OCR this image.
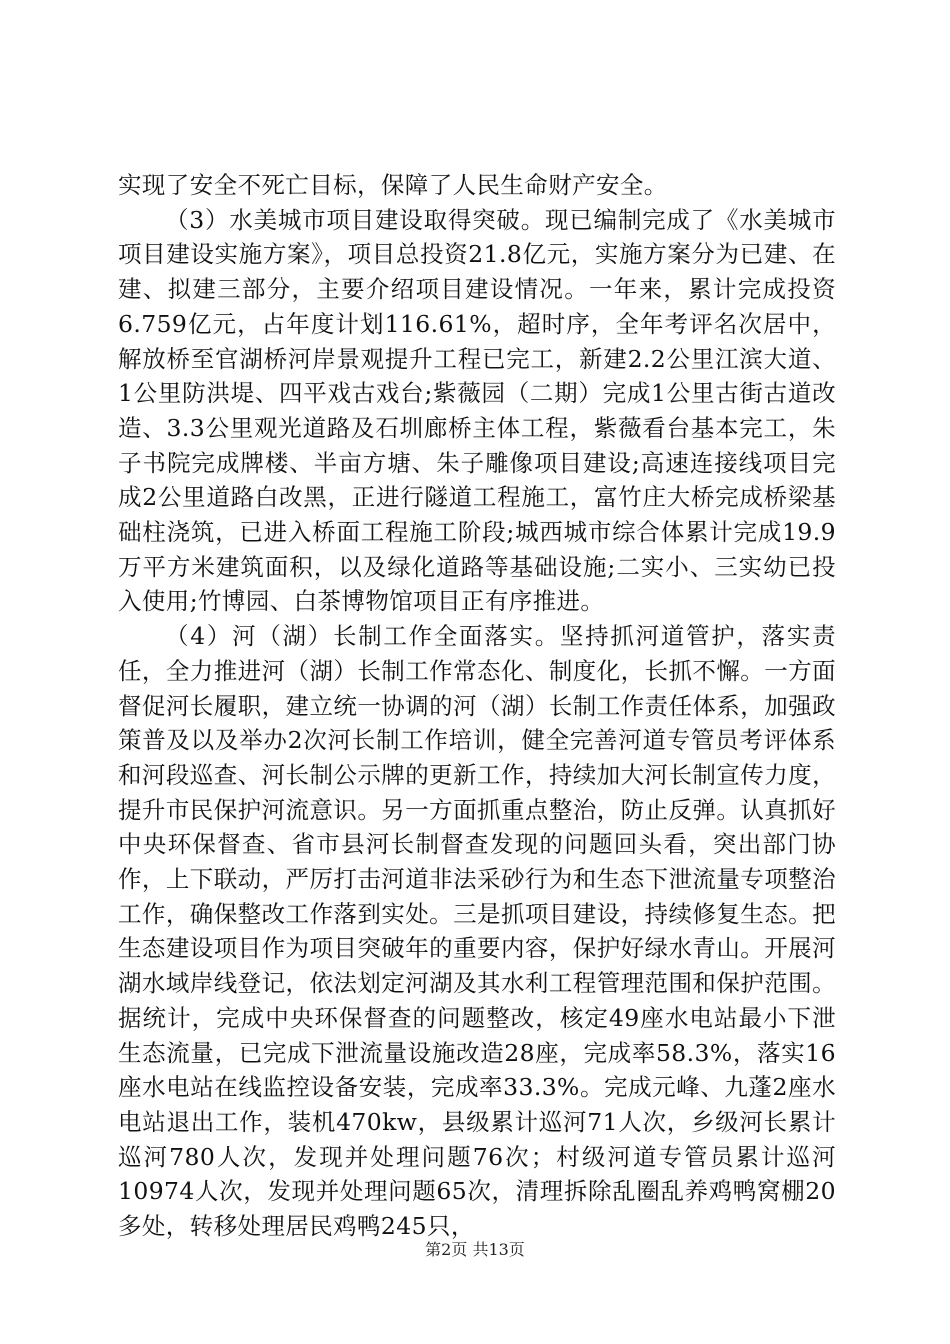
实现了安全不死亡目标，保障了人民生命财产安全。

（3）水美城市项目建设取得突破。现已编制完成了《水美城市项目建设实施方案》，项目总投资21.8亿元，实施方案分为已建、在建、拟建三部分，主要介绍项目建设情况。一年来，累计完成投资6.759亿元，占年度计划116.61%，超时序，全年考评名次居中，解放桥至官湖桥河岸景观提升工程已完工，新建2.2公里江滨大道、1公里防洪堤、四平戏古戏台;紫薇园（二期）完成1公里古街古道改造、3.3公里观光道路及石圳廊桥主体工程，紫薇看台基本完工，朱子书院完成牌楼、半亩方塘、朱子雕像项目建设;高速连接线项目完成2公里道路白改黑，正进行隧道工程施工，富竹庄大桥完成桥梁基础柱浇筑，已进入桥面工程施工阶段;城西城市综合体累计完成19.9万平方米建筑面积，以及绿化道路等基础设施;二实小、三实幼已投入使用;竹博园、白茶博物馆项目正有序推进。

（4）河（湖）长制工作全面落实。坚持抓河道管护，落实责任，全力推进河（湖）长制工作常态化、制度化，长抓不懈。一方面督促河长履职，建立统一协调的河（湖）长制工作责任体系，加强政策普及以及举办2次河长制工作培训，健全完善河道专管员考评体系和河段巡查、河长制公示牌的更新工作，持续加大河长制宣传力度，提升市民保护河流意识。另一方面抓重点整治，防止反弹。认真抓好中央环保督查、省市县河长制督查发现的问题回头看，突出部门协作，上下联动，严厉打击河道非法采砂行为和生态下泄流量专项整治工作，确保整改工作落到实处。三是抓项目建设，持续修复生态。把生态建设项目作为项目突破年的重要内容，保护好绿水青山。开展河湖水域岸线登记，依法划定河湖及其水利工程管理范围和保护范围。据统计，完成中央环保督查的问题整改，核定49座水电站最小下泄生态流量，已完成下泄流量设施改造28座，完成率58.3%，落实16座水电站在线监控设备安装，完成率33.3%。完成元峰、九蓬2座水电站退出工作，装机470kw，县级累计巡河71人次，乡级河长累计巡河780人次，发现并处理问题76次；村级河道专管员累计巡河10974人次，发现并处理问题65次，清理拆除乱圈乱养鸡鸭窝棚20多处，转移处理居民鸡鸭245只，

第2页 共13页
